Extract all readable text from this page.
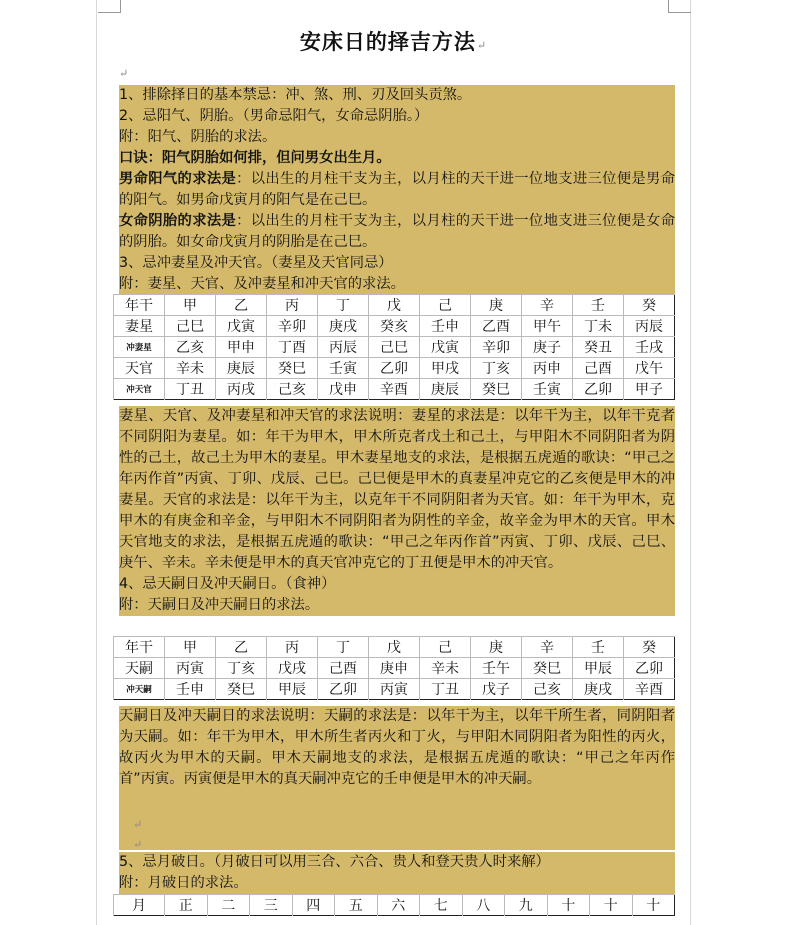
安床日的择吉方法↵
↵
1、排除择日的基本禁忌：冲、煞、刑、刃及回头贡煞。
2、忌阳气、阴胎。（男命忌阳气，女命忌阴胎。）
附：阳气、阴胎的求法。
口诀：阳气阴胎如何排，但问男女出生月。
男命阳气的求法是：以出生的月柱干支为主，以月柱的天干进一位地支进三位便是男命的阳气。如男命戊寅月的阳气是在己巳。
女命阴胎的求法是：以出生的月柱干支为主，以月柱的天干进一位地支进三位便是女命的阴胎。如女命戊寅月的阴胎是在己巳。
3、忌冲妻星及冲天官。（妻星及天官同忌）
附：妻星、天官、及冲妻星和冲天官的求法。
年干	甲	乙	丙	丁	戊	己	庚	辛	壬	癸
妻星	己巳	戊寅	辛卯	庚戌	癸亥	壬申	乙酉	甲午	丁未	丙辰
冲妻星	乙亥	甲申	丁酉	丙辰	己巳	戊寅	辛卯	庚子	癸丑	壬戌
天官	辛未	庚辰	癸巳	壬寅	乙卯	甲戌	丁亥	丙申	己酉	戊午
冲天官	丁丑	丙戌	己亥	戊申	辛酉	庚辰	癸巳	壬寅	乙卯	甲子
妻星、天官、及冲妻星和冲天官的求法说明：妻星的求法是：以年干为主，以年干克者不同阴阳为妻星。如：年干为甲木，甲木所克者戊土和己土，与甲阳木不同阴阳者为阴性的己土，故己土为甲木的妻星。甲木妻星地支的求法，是根据五虎遁的歌诀：“甲己之年丙作首”丙寅、丁卯、戊辰、己巳。己巳便是甲木的真妻星冲克它的乙亥便是甲木的冲妻星。天官的求法是：以年干为主，以克年干不同阴阳者为天官。如：年干为甲木，克甲木的有庚金和辛金，与甲阳木不同阴阳者为阴性的辛金，故辛金为甲木的天官。甲木天官地支的求法，是根据五虎遁的歌诀：“甲己之年丙作首”丙寅、丁卯、戊辰、己巳、庚午、辛未。辛未便是甲木的真天官冲克它的丁丑便是甲木的冲天官。
4、忌天嗣日及冲天嗣日。（食神）
附：天嗣日及冲天嗣日的求法。
年干	甲	乙	丙	丁	戊	己	庚	辛	壬	癸
天嗣	丙寅	丁亥	戊戌	己酉	庚申	辛未	壬午	癸巳	甲辰	乙卯
冲天嗣	壬申	癸巳	甲辰	乙卯	丙寅	丁丑	戊子	己亥	庚戌	辛酉
天嗣日及冲天嗣日的求法说明：天嗣的求法是：以年干为主，以年干所生者，同阴阳者为天嗣。如：年干为甲木，甲木所生者丙火和丁火，与甲阳木同阴阳者为阳性的丙火，故丙火为甲木的天嗣。甲木天嗣地支的求法，是根据五虎遁的歌诀：“甲己之年丙作首”丙寅。丙寅便是甲木的真天嗣冲克它的壬申便是甲木的冲天嗣。
↵
↵
5、忌月破日。（月破日可以用三合、六合、贵人和登天贵人时来解）
附：月破日的求法。
月	正	二	三	四	五	六	七	八	九	十	十	十
